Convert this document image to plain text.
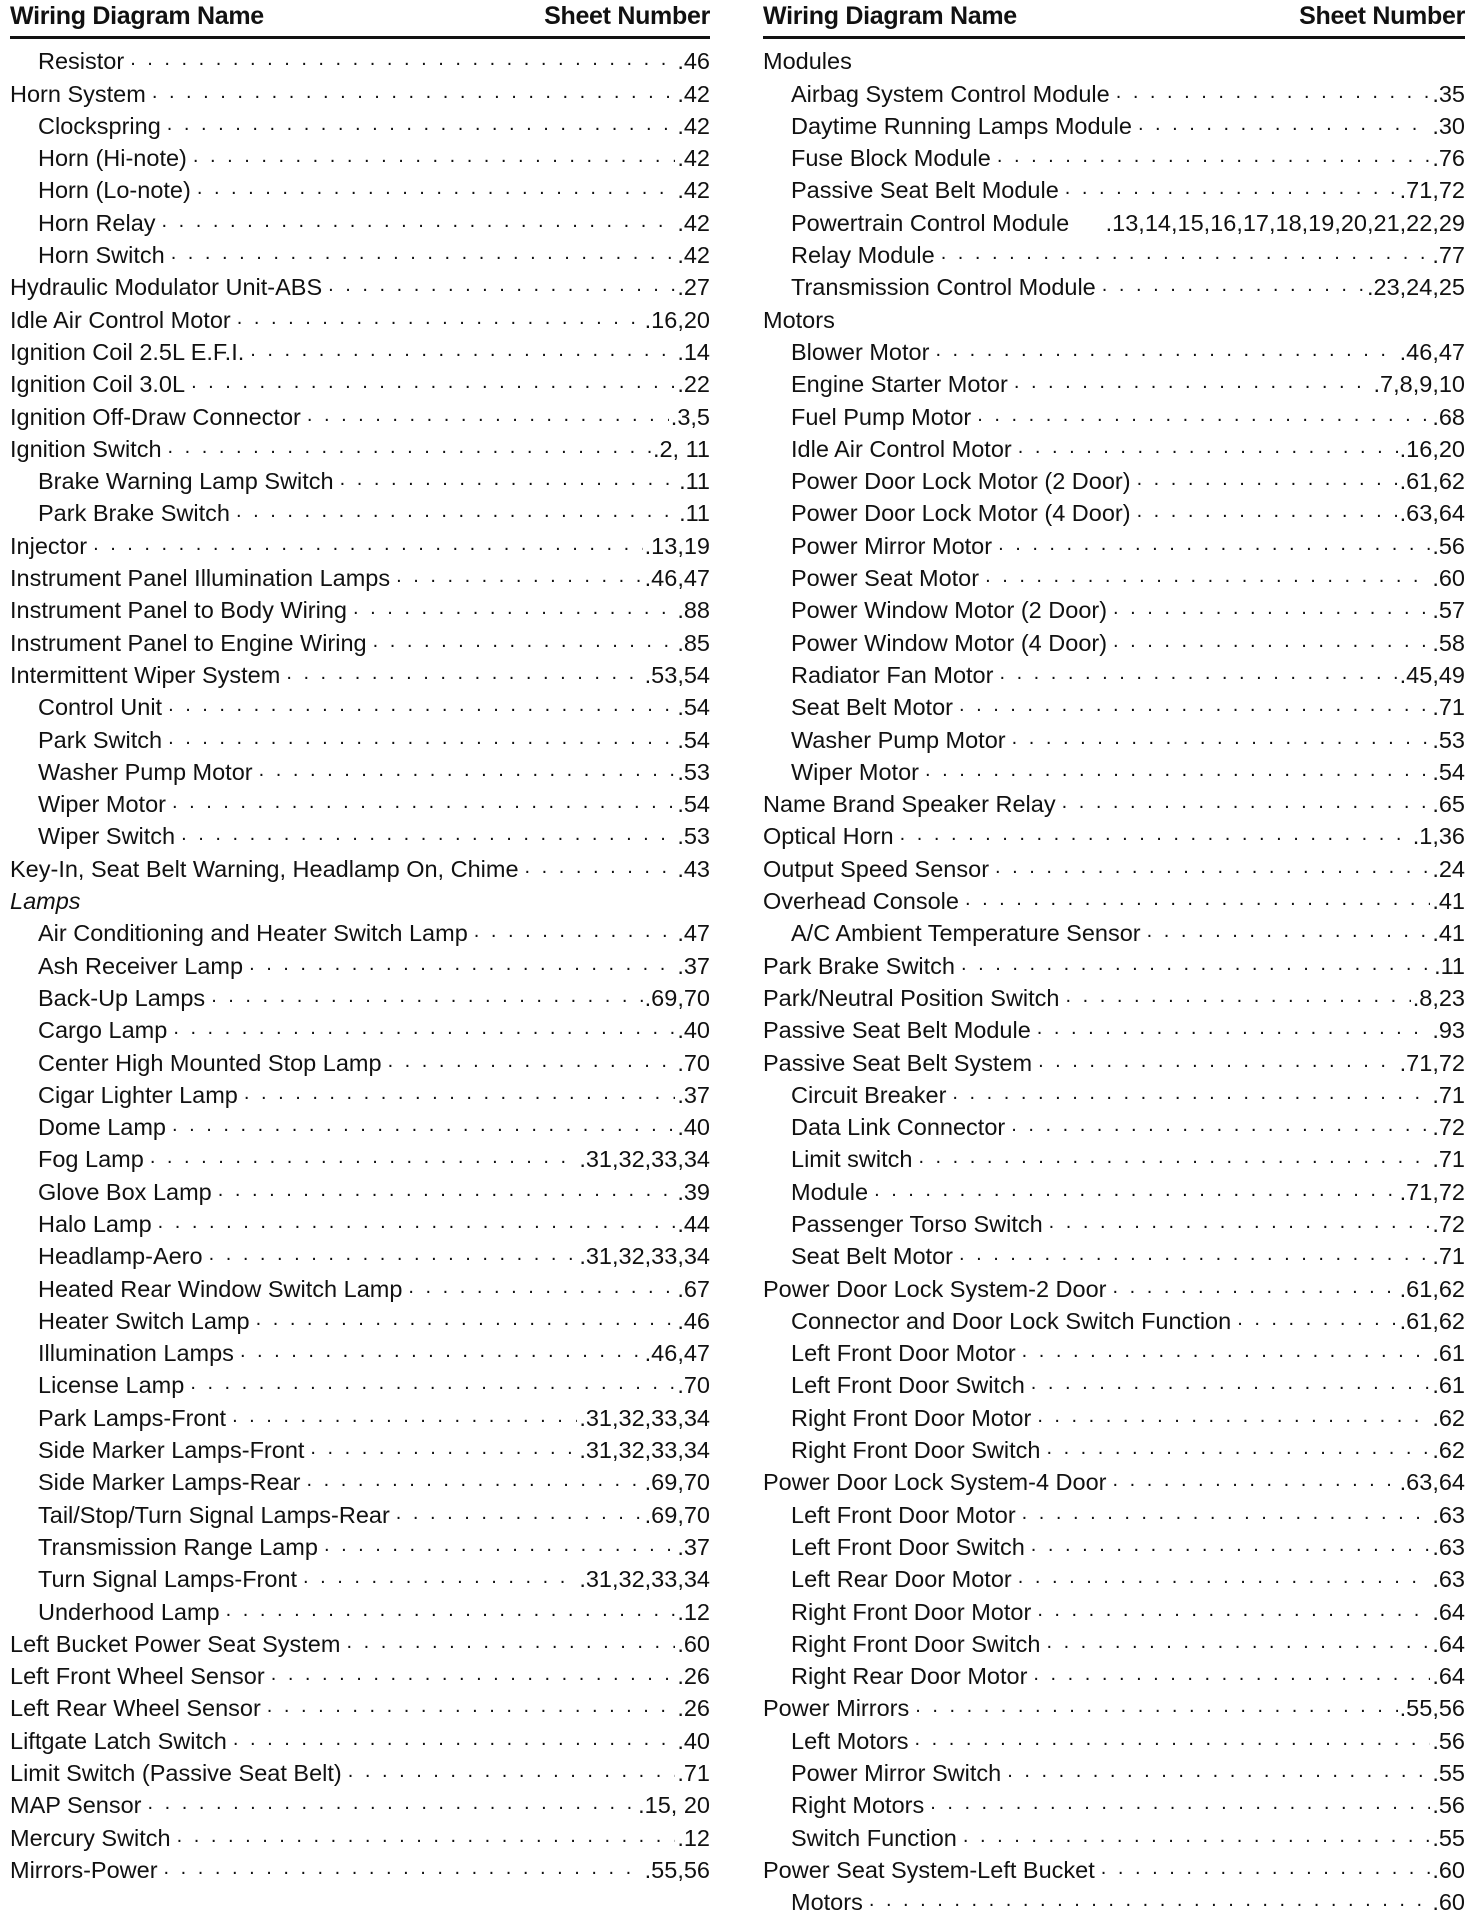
Wiring Diagram Name	Sheet Number
Resistor . . .	.46
Horn System . . .	.42
Clockspring . . .	.42
Horn (Hi-note) . . .	.42
Horn (Lo-note) . . .	.42
Horn Relay . . .	.42
Horn Switch . . .	.42
Hydraulic Modulator Unit-ABS . . .	.27
Idle Air Control Motor . . .	.16,20
Ignition Coil 2.5L E.F.I. . . .	.14
Ignition Coil 3.0L . . .	.22
Ignition Off-Draw Connector . . .	.3,5
Ignition Switch . . .	.2, 11
Brake Warning Lamp Switch . . .	.11
Park Brake Switch . . .	.11
Injector . . .	.13,19
Instrument Panel Illumination Lamps . . .	.46,47
Instrument Panel to Body Wiring . . .	.88
Instrument Panel to Engine Wiring . . .	.85
Intermittent Wiper System . . .	.53,54
Control Unit . . .	.54
Park Switch . . .	.54
Washer Pump Motor . . .	.53
Wiper Motor . . .	.54
Wiper Switch . . .	.53
Key-In, Seat Belt Warning, Headlamp On, Chime . . .	.43
Lamps
Air Conditioning and Heater Switch Lamp . . .	.47
Ash Receiver Lamp . . .	.37
Back-Up Lamps . . .	.69,70
Cargo Lamp . . .	.40
Center High Mounted Stop Lamp . . .	.70
Cigar Lighter Lamp . . .	.37
Dome Lamp . . .	.40
Fog Lamp . . .	.31,32,33,34
Glove Box Lamp . . .	.39
Halo Lamp . . .	.44
Headlamp-Aero . . .	.31,32,33,34
Heated Rear Window Switch Lamp . . .	.67
Heater Switch Lamp . . .	.46
Illumination Lamps . . .	.46,47
License Lamp . . .	.70
Park Lamps-Front . . .	.31,32,33,34
Side Marker Lamps-Front . . .	.31,32,33,34
Side Marker Lamps-Rear . . .	.69,70
Tail/Stop/Turn Signal Lamps-Rear . . .	.69,70
Transmission Range Lamp . . .	.37
Turn Signal Lamps-Front . . .	.31,32,33,34
Underhood Lamp . . .	.12
Left Bucket Power Seat System . . .	.60
Left Front Wheel Sensor . . .	.26
Left Rear Wheel Sensor . . .	.26
Liftgate Latch Switch . . .	.40
Limit Switch (Passive Seat Belt) . . .	.71
MAP Sensor . . .	.15, 20
Mercury Switch . . .	.12
Mirrors-Power . . .	.55,56
Wiring Diagram Name	Sheet Number
Modules
Airbag System Control Module . . .	.35
Daytime Running Lamps Module . . .	.30
Fuse Block Module . . .	.76
Passive Seat Belt Module . . .	.71,72
Powertrain Control Module .13,14,15,16,17,18,19,20,21,22,29
Relay Module . . .	.77
Transmission Control Module . . .	.23,24,25
Motors
Blower Motor . . .	.46,47
Engine Starter Motor . . .	.7,8,9,10
Fuel Pump Motor . . .	.68
Idle Air Control Motor . . .	.16,20
Power Door Lock Motor (2 Door) . . .	.61,62
Power Door Lock Motor (4 Door) . . .	.63,64
Power Mirror Motor . . .	.56
Power Seat Motor . . .	.60
Power Window Motor (2 Door) . . .	.57
Power Window Motor (4 Door) . . .	.58
Radiator Fan Motor . . .	.45,49
Seat Belt Motor . . .	.71
Washer Pump Motor . . .	.53
Wiper Motor . . .	.54
Name Brand Speaker Relay . . .	.65
Optical Horn . . .	.1,36
Output Speed Sensor . . .	.24
Overhead Console . . .	.41
A/C Ambient Temperature Sensor . . .	.41
Park Brake Switch . . .	.11
Park/Neutral Position Switch . . .	.8,23
Passive Seat Belt Module . . .	.93
Passive Seat Belt System . . .	.71,72
Circuit Breaker . . .	.71
Data Link Connector . . .	.72
Limit switch . . .	.71
Module . . .	.71,72
Passenger Torso Switch . . .	.72
Seat Belt Motor . . .	.71
Power Door Lock System-2 Door . . .	.61,62
Connector and Door Lock Switch Function . . .	.61,62
Left Front Door Motor . . .	.61
Left Front Door Switch . . .	.61
Right Front Door Motor . . .	.62
Right Front Door Switch . . .	.62
Power Door Lock System-4 Door . . .	.63,64
Left Front Door Motor . . .	.63
Left Front Door Switch . . .	.63
Left Rear Door Motor . . .	.63
Right Front Door Motor . . .	.64
Right Front Door Switch . . .	.64
Right Rear Door Motor . . .	.64
Power Mirrors . . .	.55,56
Left Motors . . .	.56
Power Mirror Switch . . .	.55
Right Motors . . .	.56
Switch Function . . .	.55
Power Seat System-Left Bucket . . .	.60
Motors . . .	.60
